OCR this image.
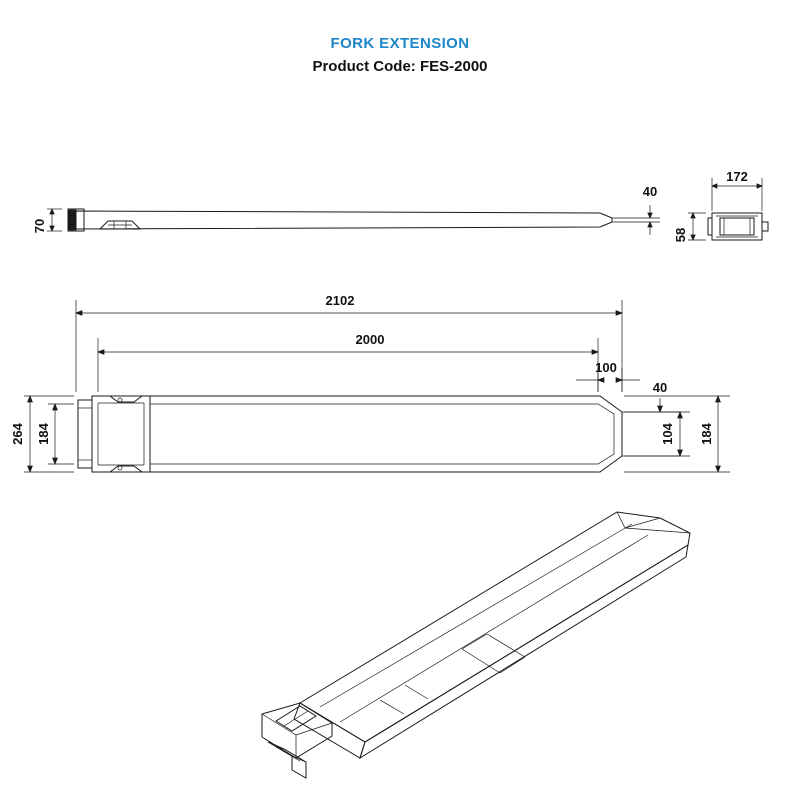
FORK EXTENSION
Product Code: FES-2000
70
40
172
58
2102
2000
100
40
264 184	104 184
